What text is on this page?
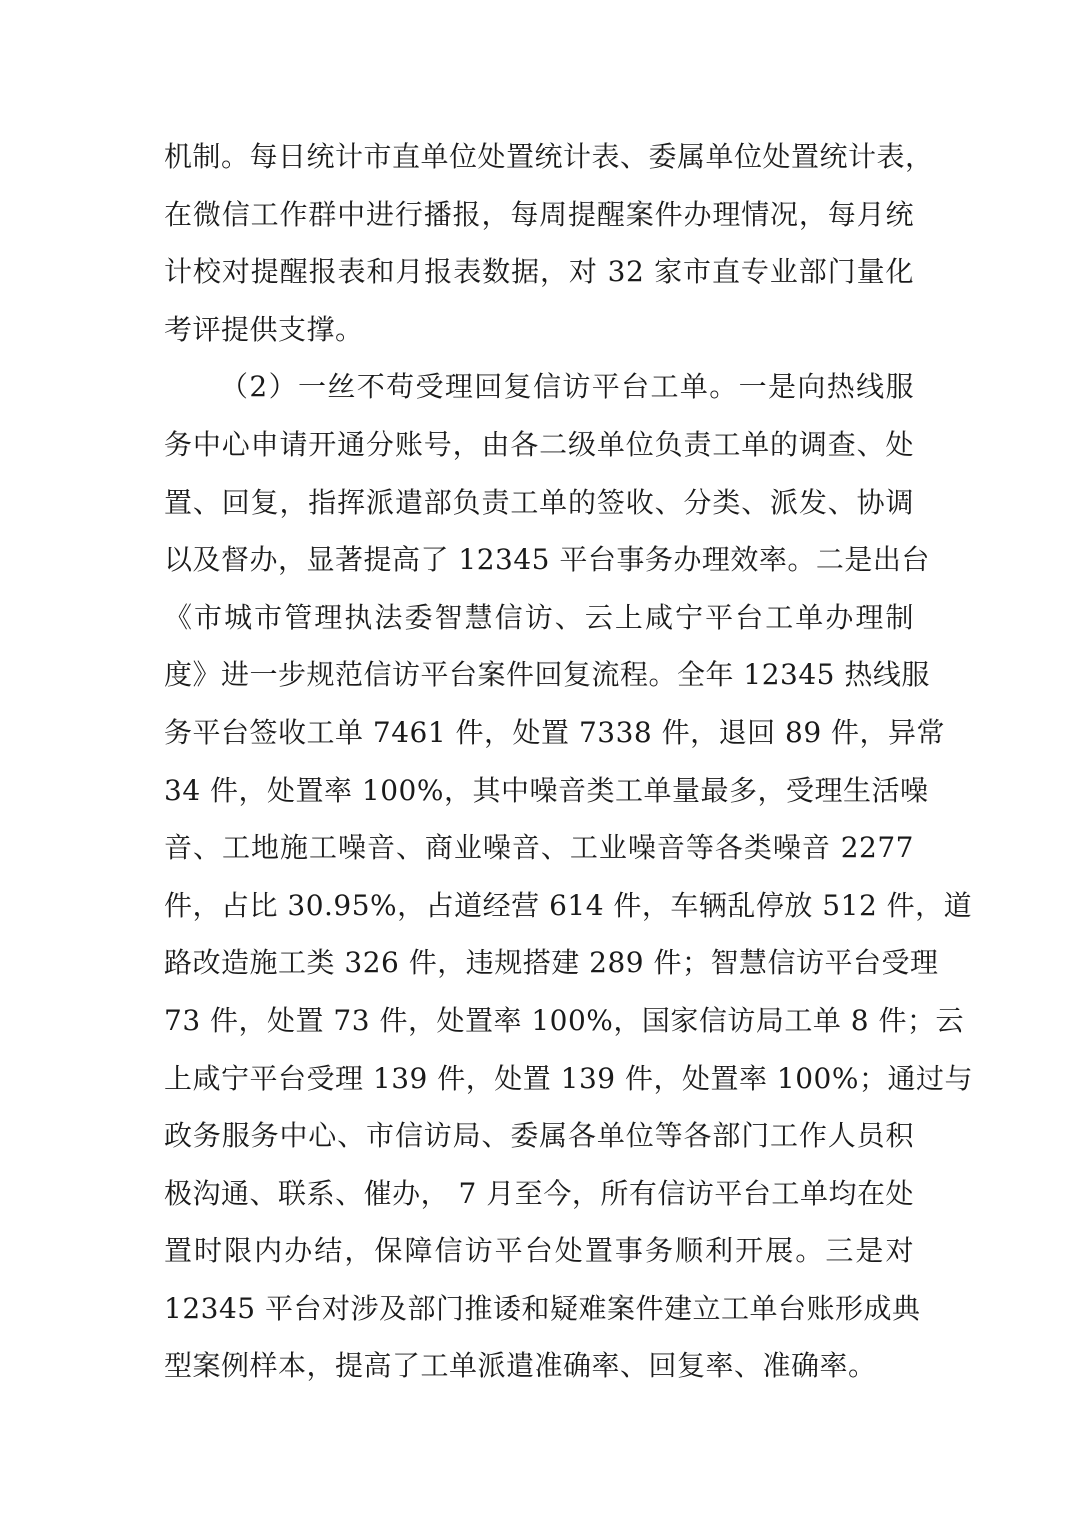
机制。每日统计市直单位处置统计表、委属单位处置统计表，
在微信工作群中进行播报，每周提醒案件办理情况，每月统
计校对提醒报表和月报表数据，对 32 家市直专业部门量化
考评提供支撑。
（2）一丝不苟受理回复信访平台工单。一是向热线服
务中心申请开通分账号，由各二级单位负责工单的调查、处
置、回复，指挥派遣部负责工单的签收、分类、派发、协调
以及督办，显著提高了 12345 平台事务办理效率。二是出台
《市城市管理执法委智慧信访、云上咸宁平台工单办理制
度》进一步规范信访平台案件回复流程。全年 12345 热线服
务平台签收工单 7461 件，处置 7338 件，退回 89 件，异常
34 件，处置率 100%，其中噪音类工单量最多，受理生活噪
音、工地施工噪音、商业噪音、工业噪音等各类噪音 2277
件，占比 30.95%，占道经营 614 件，车辆乱停放 512 件，道
路改造施工类 326 件，违规搭建 289 件；智慧信访平台受理
73 件，处置 73 件，处置率 100%，国家信访局工单 8 件；云
上咸宁平台受理 139 件，处置 139 件，处置率 100%；通过与
政务服务中心、市信访局、委属各单位等各部门工作人员积
极沟通、联系、催办， 7 月至今，所有信访平台工单均在处
置时限内办结，保障信访平台处置事务顺利开展。三是对
12345 平台对涉及部门推诿和疑难案件建立工单台账形成典
型案例样本，提高了工单派遣准确率、回复率、准确率。
